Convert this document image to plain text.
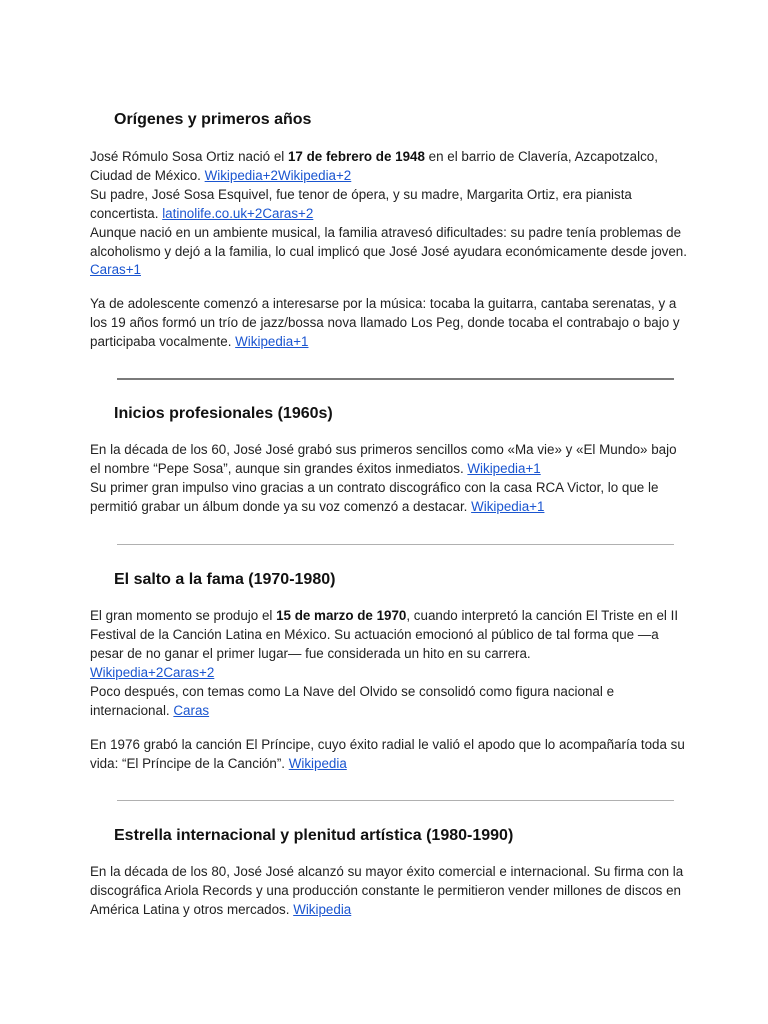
Orígenes y primeros años

José Rómulo Sosa Ortiz nació el 17 de febrero de 1948 en el barrio de Clavería, Azcapotzalco, Ciudad de México. Wikipedia+2Wikipedia+2
Su padre, José Sosa Esquivel, fue tenor de ópera, y su madre, Margarita Ortiz, era pianista concertista. latinolife.co.uk+2Caras+2
Aunque nació en un ambiente musical, la familia atravesó dificultades: su padre tenía problemas de alcoholismo y dejó a la familia, lo cual implicó que José José ayudara económicamente desde joven. Caras+1

Ya de adolescente comenzó a interesarse por la música: tocaba la guitarra, cantaba serenatas, y a los 19 años formó un trío de jazz/bossa nova llamado Los Peg, donde tocaba el contrabajo o bajo y participaba vocalmente. Wikipedia+1

Inicios profesionales (1960s)

En la década de los 60, José José grabó sus primeros sencillos como «Ma vie» y «El Mundo» bajo el nombre “Pepe Sosa”, aunque sin grandes éxitos inmediatos. Wikipedia+1
Su primer gran impulso vino gracias a un contrato discográfico con la casa RCA Victor, lo que le permitió grabar un álbum donde ya su voz comenzó a destacar. Wikipedia+1

El salto a la fama (1970-1980)

El gran momento se produjo el 15 de marzo de 1970, cuando interpretó la canción El Triste en el II Festival de la Canción Latina en México. Su actuación emocionó al público de tal forma que —a pesar de no ganar el primer lugar— fue considerada un hito en su carrera.
Wikipedia+2Caras+2
Poco después, con temas como La Nave del Olvido se consolidó como figura nacional e internacional. Caras

En 1976 grabó la canción El Príncipe, cuyo éxito radial le valió el apodo que lo acompañaría toda su vida: “El Príncipe de la Canción”. Wikipedia

Estrella internacional y plenitud artística (1980-1990)

En la década de los 80, José José alcanzó su mayor éxito comercial e internacional. Su firma con la discográfica Ariola Records y una producción constante le permitieron vender millones de discos en América Latina y otros mercados. Wikipedia
